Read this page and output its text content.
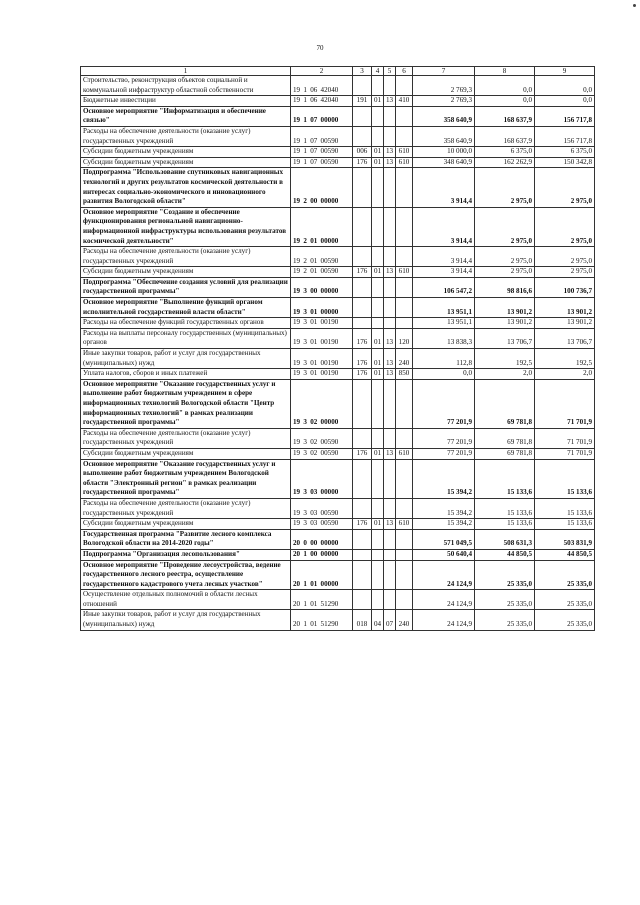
70
1	2	3	4	5	6	7	8	9
Строительство, реконструкция объектов социальной и коммунальной инфраструктур областной собственности	19 1 06 42040					2 769,3	0,0	0,0
Бюджетные инвестиции	19 1 06 42040	191	01	13	410	2 769,3	0,0	0,0
Основное мероприятие "Информатизация и обеспечение связью"	19 1 07 00000					358 640,9	168 637,9	156 717,8
Расходы на обеспечение деятельности (оказание услуг) государственных учреждений	19 1 07 00590					358 640,9	168 637,9	156 717,8
Субсидии бюджетным учреждениям	19 1 07 00590	006	01	13	610	10 000,0	6 375,0	6 375,0
Субсидии бюджетным учреждениям	19 1 07 00590	176	01	13	610	348 640,9	162 262,9	150 342,8
Подпрограмма "Использование спутниковых навигационных технологий и других результатов космической деятельности в интересах социально-экономического и инновационного развития Вологодской области"	19 2 00 00000					3 914,4	2 975,0	2 975,0
Основное мероприятие "Создание и обеспечение функционирования региональной навигационно-информационной инфраструктуры использования результатов космической деятельности"	19 2 01 00000					3 914,4	2 975,0	2 975,0
Расходы на обеспечение деятельности (оказание услуг) государственных учреждений	19 2 01 00590					3 914,4	2 975,0	2 975,0
Субсидии бюджетным учреждениям	19 2 01 00590	176	01	13	610	3 914,4	2 975,0	2 975,0
Подпрограмма "Обеспечение создания условий для реализации государственной программы"	19 3 00 00000					106 547,2	98 816,6	100 736,7
Основное мероприятие "Выполнение функций органом исполнительной государственной власти области"	19 3 01 00000					13 951,1	13 901,2	13 901,2
Расходы на обеспечение функций государственных органов	19 3 01 00190					13 951,1	13 901,2	13 901,2
Расходы на выплаты персоналу государственных (муниципальных) органов	19 3 01 00190	176	01	13	120	13 838,3	13 706,7	13 706,7
Иные закупки товаров, работ и услуг для государственных (муниципальных) нужд	19 3 01 00190	176	01	13	240	112,8	192,5	192,5
Уплата налогов, сборов и иных платежей	19 3 01 00190	176	01	13	850	0,0	2,0	2,0
Основное мероприятие "Оказание государственных услуг и выполнение работ бюджетным учреждением в сфере информационных технологий Вологодской области "Центр информационных технологий" в рамках реализации государственной программы"	19 3 02 00000					77 201,9	69 781,8	71 701,9
Расходы на обеспечение деятельности (оказание услуг) государственных учреждений	19 3 02 00590					77 201,9	69 781,8	71 701,9
Субсидии бюджетным учреждениям	19 3 02 00590	176	01	13	610	77 201,9	69 781,8	71 701,9
Основное мероприятие "Оказание государственных услуг и выполнение работ бюджетным учреждением Вологодской области "Электронный регион" в рамках реализации государственной программы"	19 3 03 00000					15 394,2	15 133,6	15 133,6
Расходы на обеспечение деятельности (оказание услуг) государственных учреждений	19 3 03 00590					15 394,2	15 133,6	15 133,6
Субсидии бюджетным учреждениям	19 3 03 00590	176	01	13	610	15 394,2	15 133,6	15 133,6
Государственная программа "Развитие лесного комплекса Вологодской области на 2014-2020 годы"	20 0 00 00000					571 049,5	508 631,3	503 831,9
Подпрограмма "Организация лесопользования"	20 1 00 00000					50 640,4	44 850,5	44 850,5
Основное мероприятие "Проведение лесоустройства, ведение государственного лесного реестра, осуществление государственного кадастрового учета лесных участков"	20 1 01 00000					24 124,9	25 335,0	25 335,0
Осуществление отдельных полномочий в области лесных отношений	20 1 01 51290					24 124,9	25 335,0	25 335,0
Иные закупки товаров, работ и услуг для государственных (муниципальных) нужд	20 1 01 51290	018	04	07	240	24 124,9	25 335,0	25 335,0
